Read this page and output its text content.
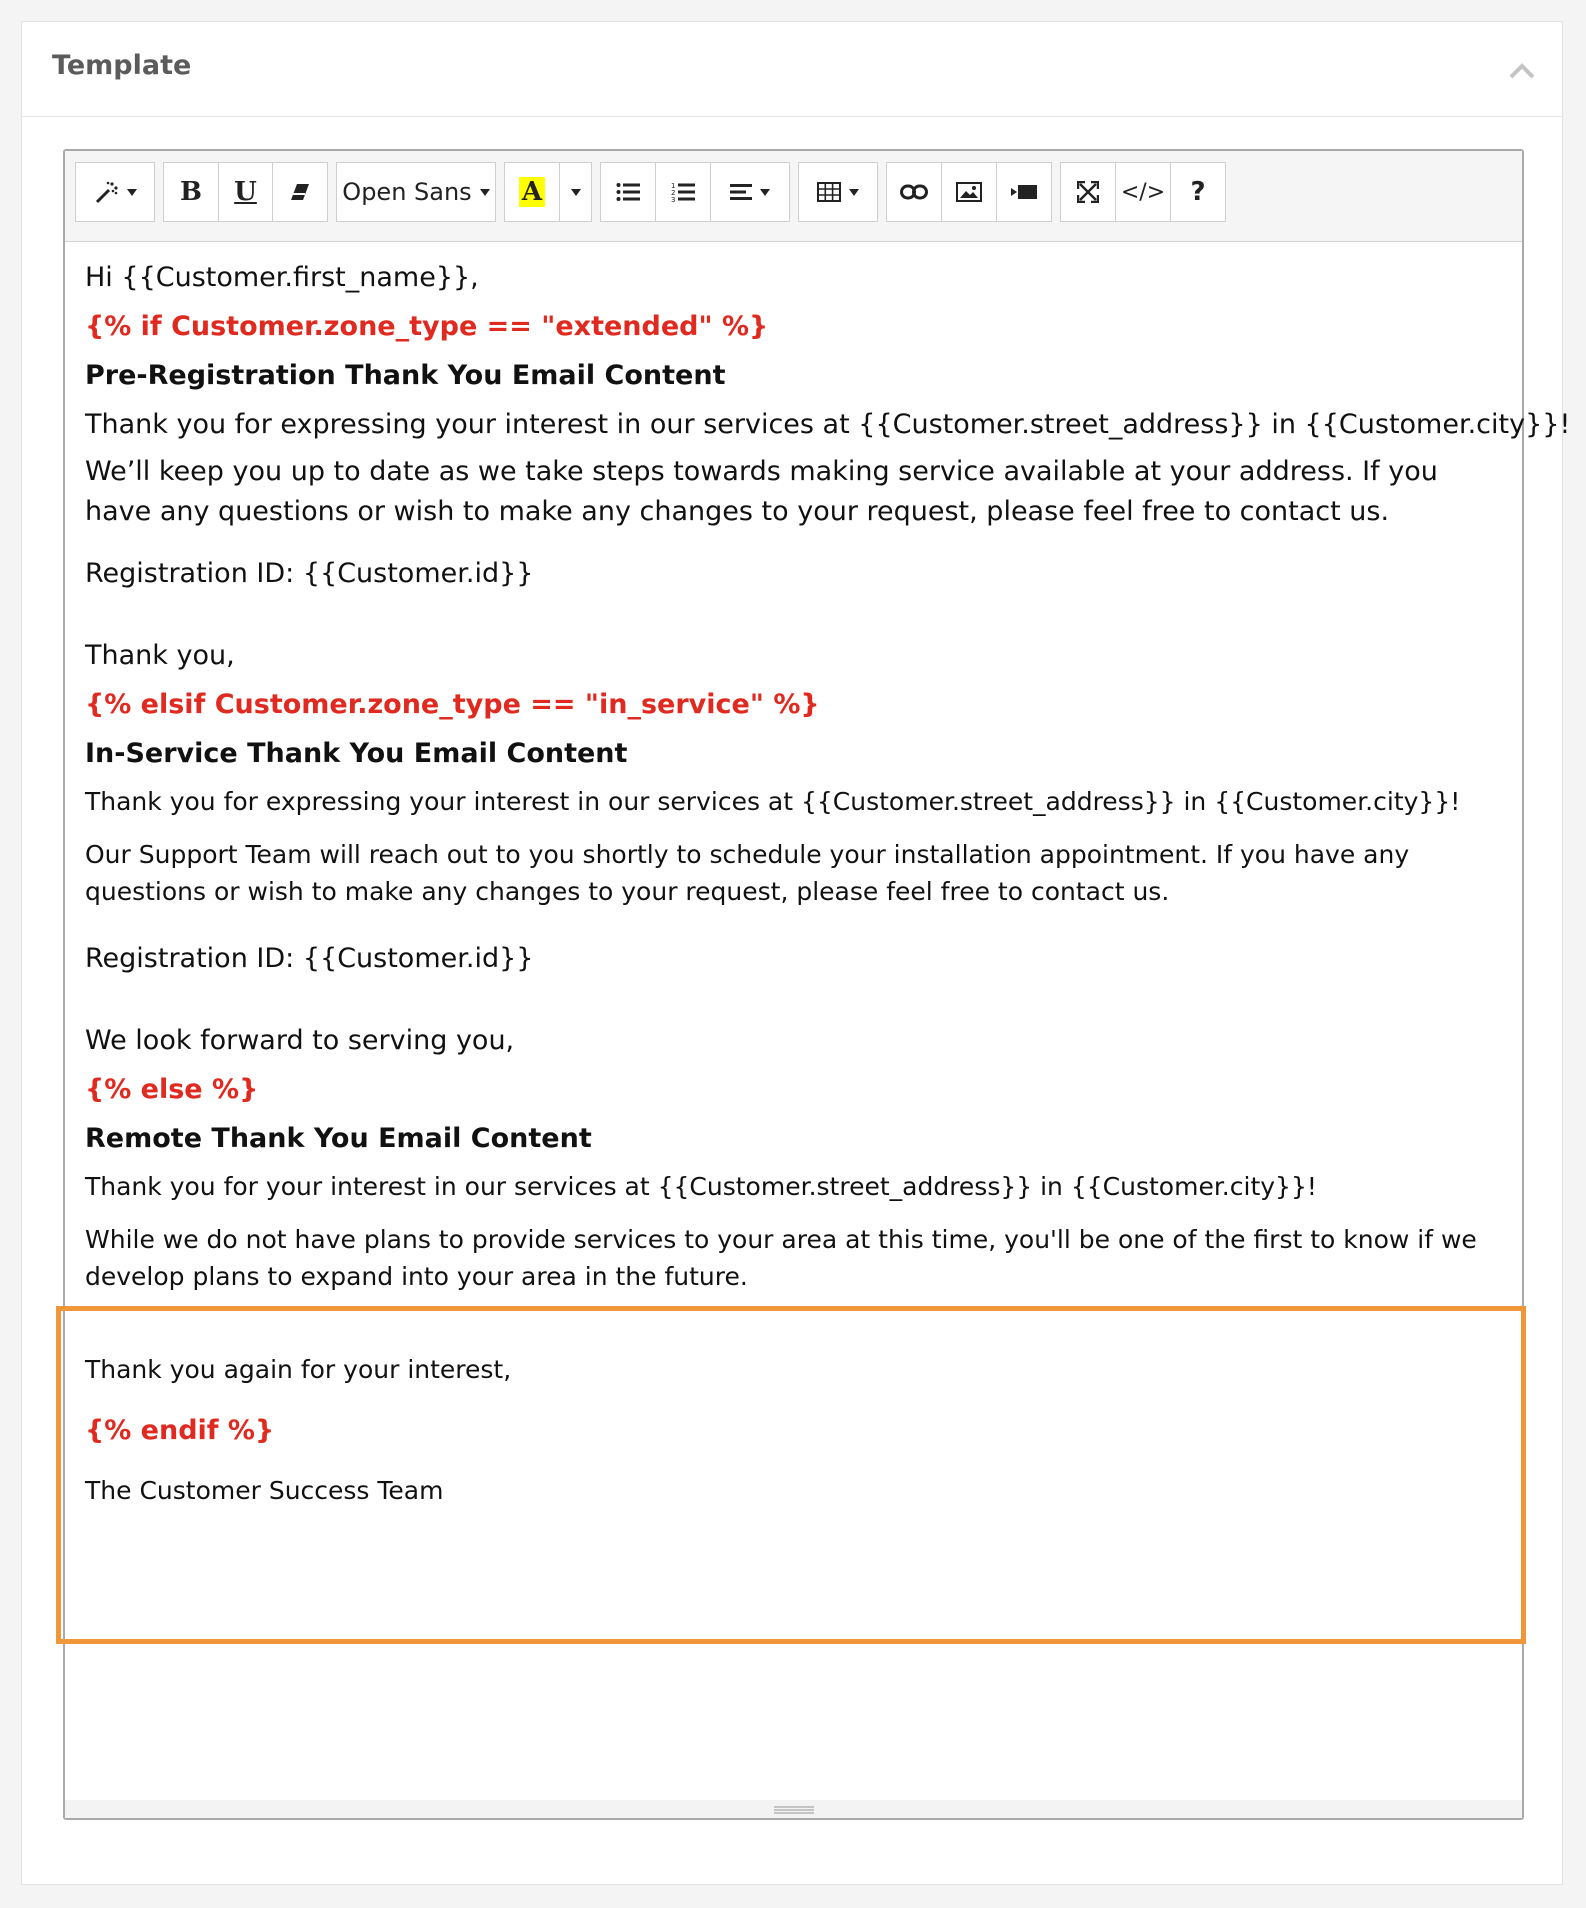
Template
B	U	Open Sans A	1
2
3	</> ?
Hi {{Customer.first_name}},
{% if Customer.zone_type == "extended" %}
Pre-Registration Thank You Email Content
Thank you for expressing your interest in our services at {{Customer.street_address}} in {{Customer.city}}!
We’ll keep you up to date as we take steps towards making service available at your address. If you have any questions or wish to make any changes to your request, please feel free to contact us.
Registration ID: {{Customer.id}}
Thank you,
{% elsif Customer.zone_type == "in_service" %}
In-Service Thank You Email Content
Thank you for expressing your interest in our services at {{Customer.street_address}} in {{Customer.city}}!
Our Support Team will reach out to you shortly to schedule your installation appointment. If you have any questions or wish to make any changes to your request, please feel free to contact us.
Registration ID: {{Customer.id}}
We look forward to serving you,
{% else %}
Remote Thank You Email Content
Thank you for your interest in our services at {{Customer.street_address}} in {{Customer.city}}!
While we do not have plans to provide services to your area at this time, you'll be one of the first to know if we develop plans to expand into your area in the future.
Thank you again for your interest,
{% endif %}
The Customer Success Team
